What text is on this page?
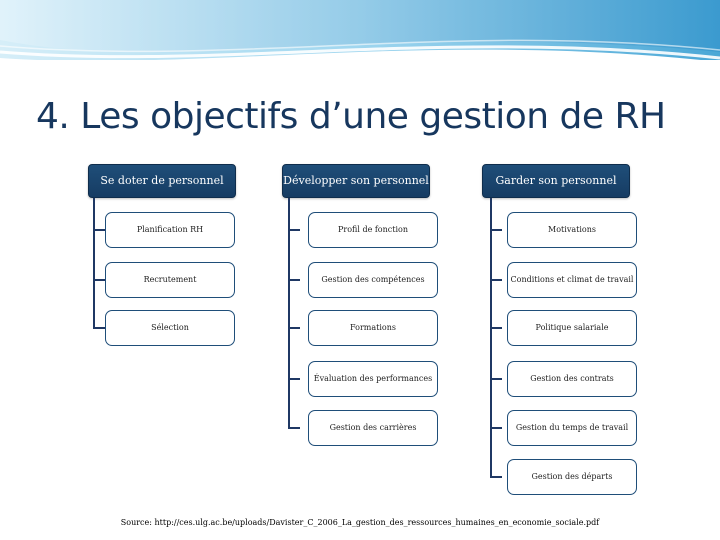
4. Les objectifs d’une gestion de RH
Se doter de personnel
Planification RH
Recrutement
Sélection
Développer son personnel
Profil de fonction
Gestion des compétences
Formations
Évaluation des performances
Gestion des carrières
Garder son personnel
Motivations
Conditions et climat de travail
Politique salariale
Gestion des contrats
Gestion du temps de travail
Gestion des départs
Source: http://ces.ulg.ac.be/uploads/Davister_C_2006_La_gestion_des_ressources_humaines_en_economie_sociale.pdf
